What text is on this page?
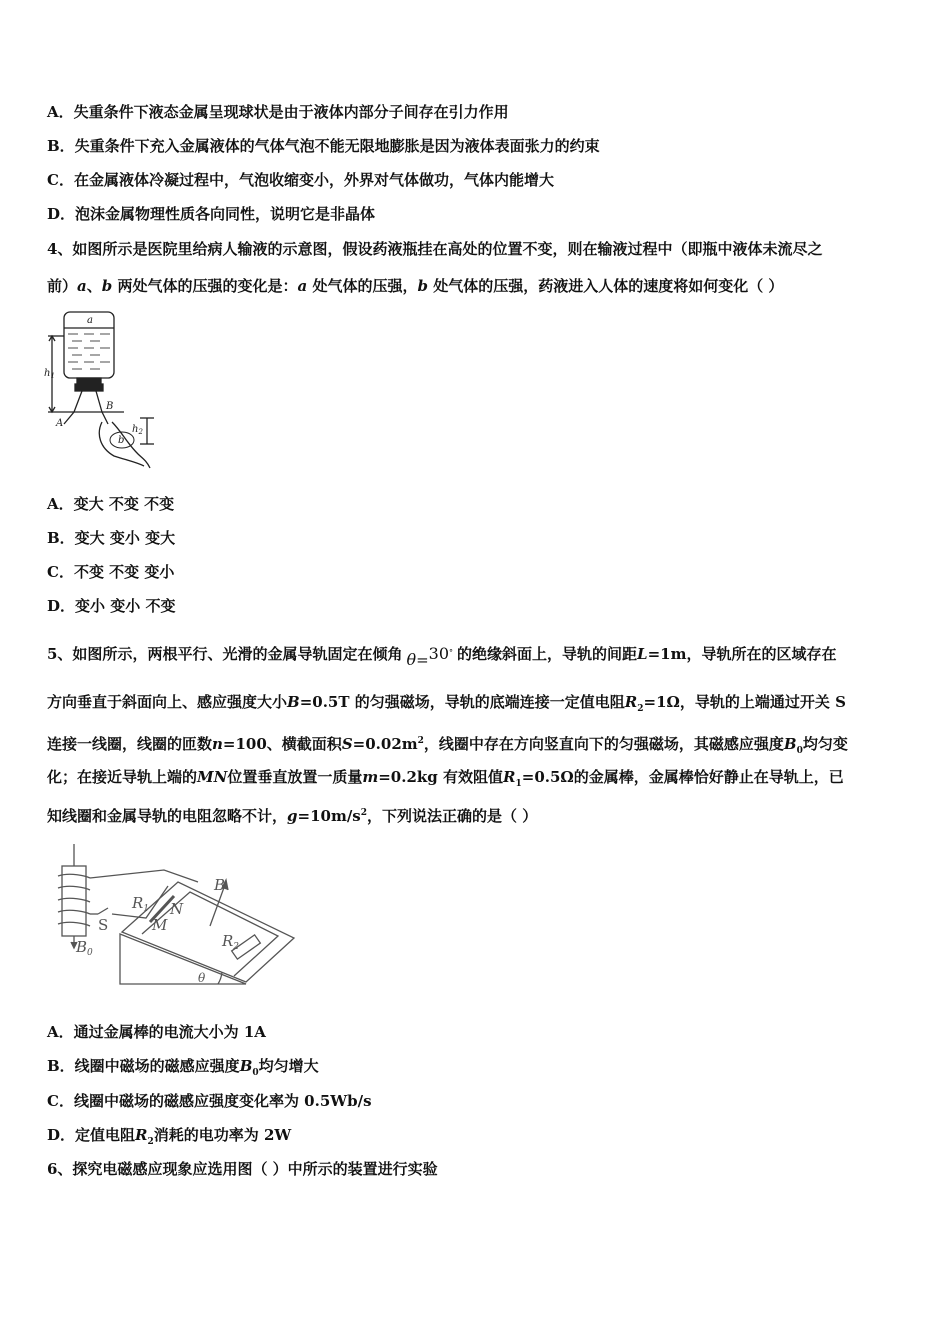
A．失重条件下液态金属呈现球状是由于液体内部分子间存在引力作用
B．失重条件下充入金属液体的气体气泡不能无限地膨胀是因为液体表面张力的约束
C．在金属液体冷凝过程中，气泡收缩变小，外界对气体做功，气体内能增大
D．泡沫金属物理性质各向同性，说明它是非晶体
4、如图所示是医院里给病人输液的示意图，假设药液瓶挂在高处的位置不变，则在输液过程中（即瓶中液体未流尽之
前）a、b 两处气体的压强的变化是：a 处气体的压强，b 处气体的压强，药液进入人体的速度将如何变化（ ）
a
$h_1$
B
A
b
$h_2$
A．变大 不变 不变
B．变大 变小 变大
C．不变 不变 变小
D．变小 变小 不变
5、如图所示，两根平行、光滑的金属导轨固定在倾角 θ=30° 的绝缘斜面上，导轨的间距L=1m，导轨所在的区域存在
方向垂直于斜面向上、感应强度大小B=0.5T 的匀强磁场，导轨的底端连接一定值电阻$R_2=1\Omega$，导轨的上端通过开关 S
连接一线圈，线圈的匝数n=100、横截面积$S=0.02m^2$，线圈中存在方向竖直向下的匀强磁场，其磁感应强度$B_0$均匀变
化；在接近导轨上端的MN位置垂直放置一质量m=0.2kg 有效阻值$R_1=0.5\Omega$的金属棒，金属棒恰好静止在导轨上，已
知线圈和金属导轨的电阻忽略不计，$g=10m/s^2$，下列说法正确的是（ ）
$R_1$ N
M
B
S
$B_0$
$R_2$
θ
A．通过金属棒的电流大小为 1A
B．线圈中磁场的磁感应强度$B_0$均匀增大
C．线圈中磁场的磁感应强度变化率为 0.5Wb/s
D．定值电阻$R_2$消耗的电功率为 2W
6、探究电磁感应现象应选用图（ ）中所示的装置进行实验
